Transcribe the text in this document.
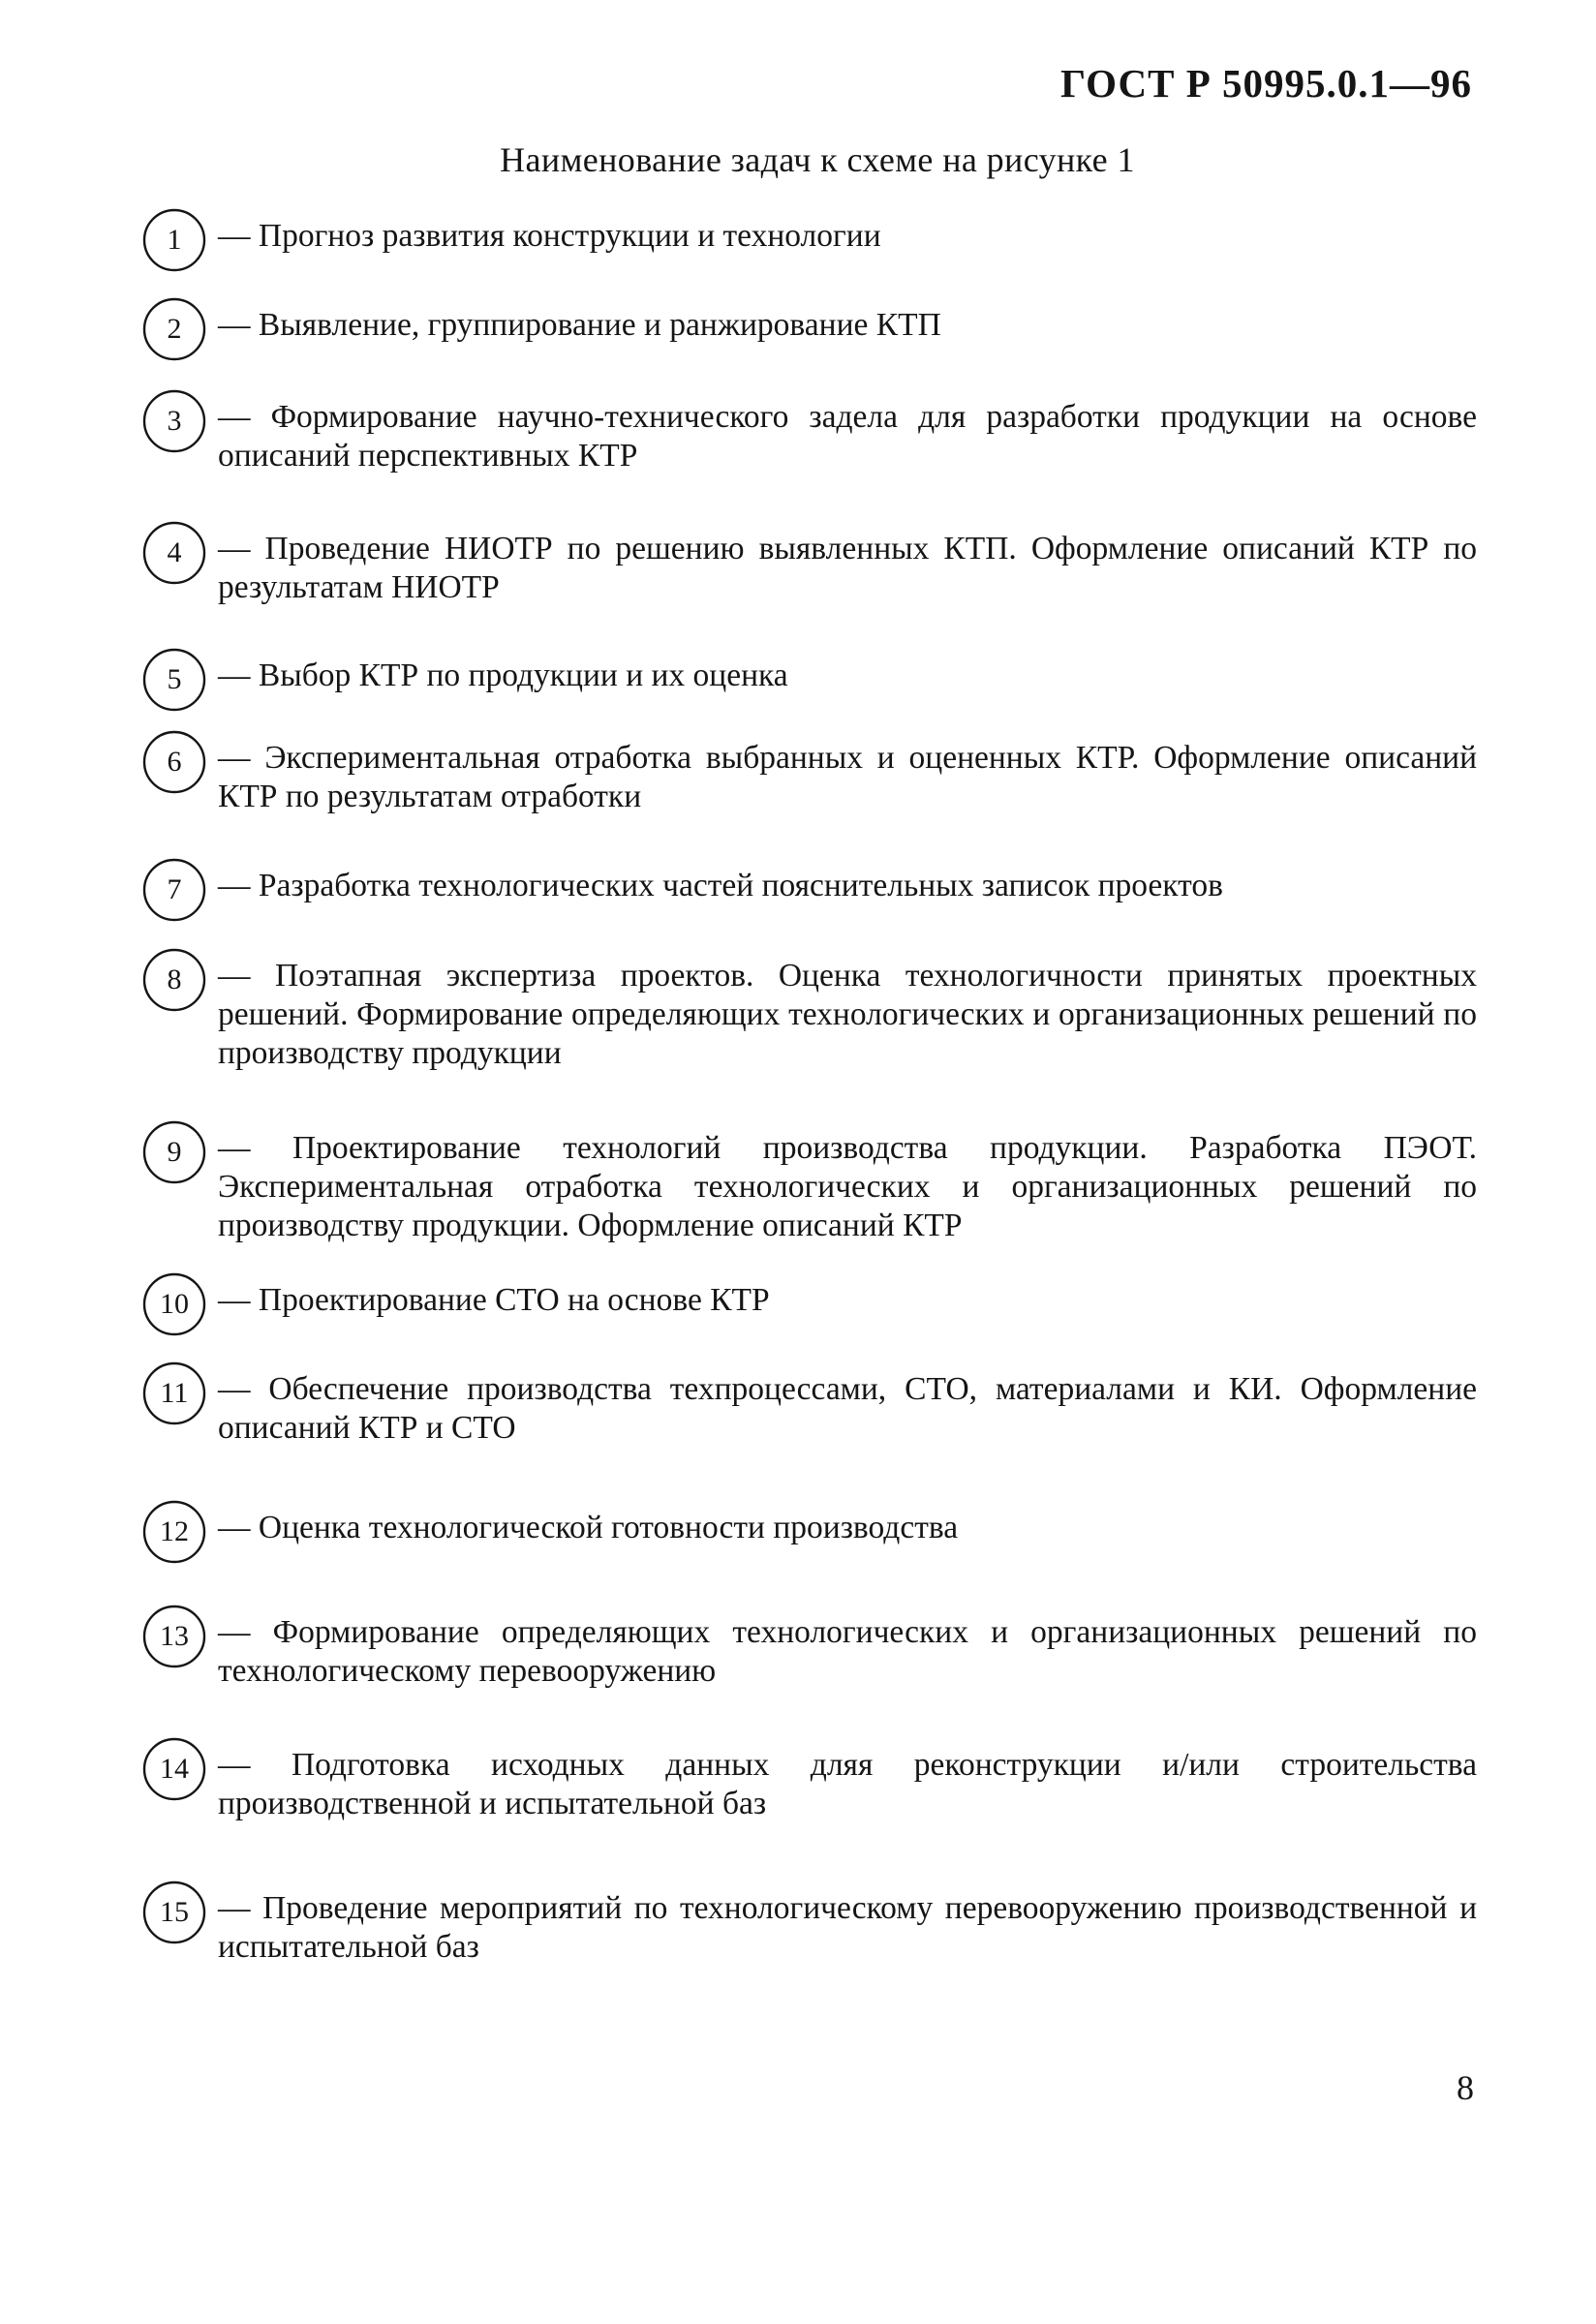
ГОСТ Р 50995.0.1—96
Наименование задач к схеме на рисунке 1
1	— Прогноз развития конструкции и технологии
2	— Выявление, группирование и ранжирование КТП
3	— Формирование научно-технического задела для разработки продукции на основе описаний перспективных КТР
4	— Проведение НИОТР по решению выявленных КТП. Оформление описаний КТР по результатам НИОТР
5	— Выбор КТР по продукции и их оценка
6	— Экспериментальная отработка выбранных и оцененных КТР. Оформление описаний КТР по результатам отработки
7	— Разработка технологических частей пояснительных записок проектов
8	— Поэтапная экспертиза проектов. Оценка технологичности принятых проектных решений. Формирование определяющих технологических и организационных решений по производству продукции
9	— Проектирование технологий производства продукции. Разработка ПЭОТ. Экспериментальная отработка технологических и организационных решений по производству продукции. Оформление описаний КТР
10 — Проектирование СТО на основе КТР
11 — Обеспечение производства техпроцессами, СТО, материалами и КИ. Оформление описаний КТР и СТО
12 — Оценка технологической готовности производства
13 — Формирование определяющих технологических и организационных решений по технологическому перевооружению
14 — Подготовка исходных данных дляя реконструкции и/или строительства производственной и испытательной баз
15 — Проведение мероприятий по технологическому перевооружению производственной и испытательной баз
8
